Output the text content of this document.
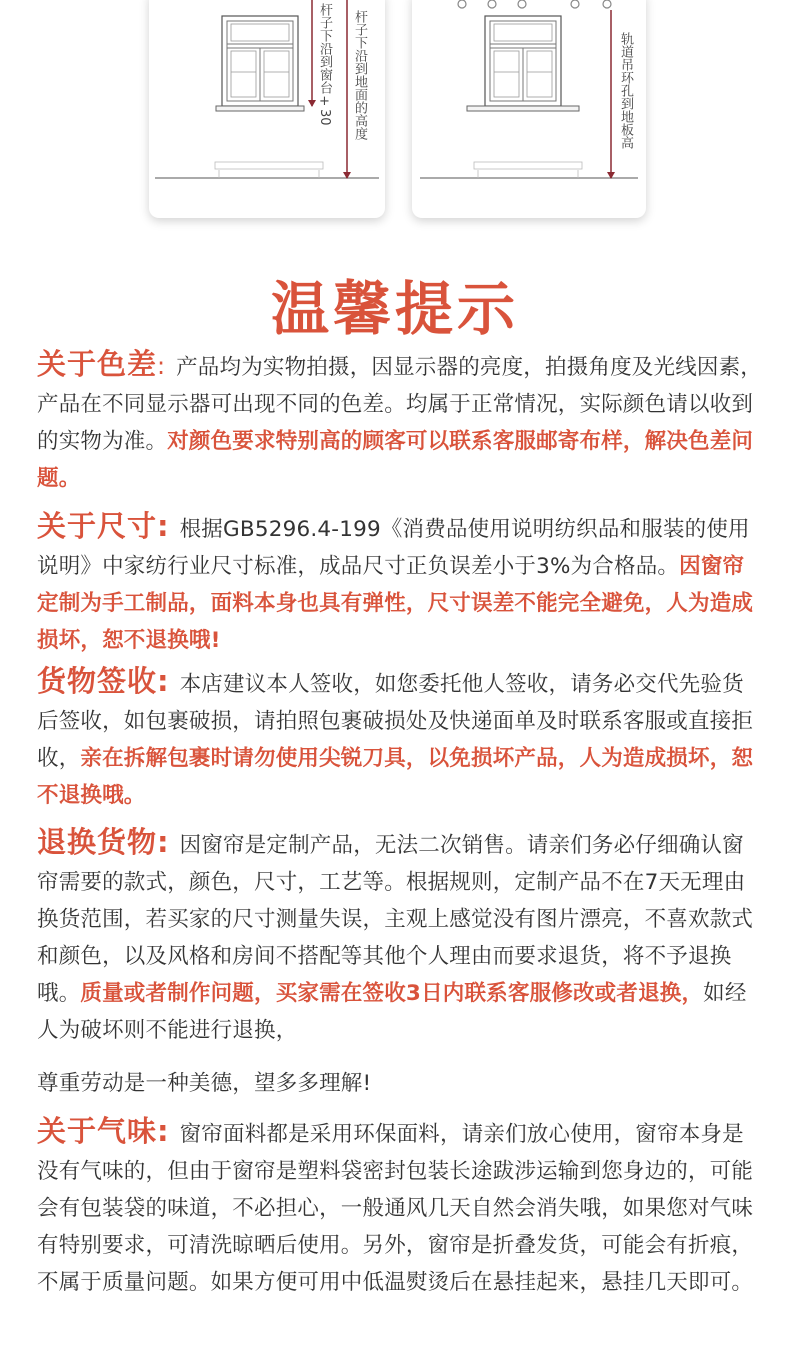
杆子下沿到窗台+30 杆子下沿到地面的高度	轨道吊环孔到地板高
温馨提示
关于色差: 产品均为实物拍摄，因显示器的亮度，拍摄角度及光线因素，产品在不同显示器可出现不同的色差。均属于正常情况，实际颜色请以收到的实物为准。对颜色要求特别高的顾客可以联系客服邮寄布样，解决色差问题。
关于尺寸: 根据GB5296.4-199《消费品使用说明纺织品和服装的使用说明》中家纺行业尺寸标准，成品尺寸正负误差小于3%为合格品。因窗帘定制为手工制品，面料本身也具有弹性，尺寸误差不能完全避免，人为造成损坏，恕不退换哦!
货物签收: 本店建议本人签收，如您委托他人签收，请务必交代先验货后签收，如包裹破损，请拍照包裹破损处及快递面单及时联系客服或直接拒收，亲在拆解包裹时请勿使用尖锐刀具，以免损坏产品，人为造成损坏，恕不退换哦。
退换货物: 因窗帘是定制产品，无法二次销售。请亲们务必仔细确认窗帘需要的款式，颜色，尺寸，工艺等。根据规则，定制产品不在7天无理由换货范围，若买家的尺寸测量失误，主观上感觉没有图片漂亮，不喜欢款式和颜色，以及风格和房间不搭配等其他个人理由而要求退货，将不予退换哦。质量或者制作问题，买家需在签收3日内联系客服修改或者退换，如经人为破坏则不能进行退换，
尊重劳动是一种美德，望多多理解!
关于气味: 窗帘面料都是采用环保面料，请亲们放心使用，窗帘本身是没有气味的，但由于窗帘是塑料袋密封包装长途跋涉运输到您身边的，可能会有包装袋的味道，不必担心，一般通风几天自然会消失哦，如果您对气味有特别要求，可清洗晾晒后使用。另外，窗帘是折叠发货，可能会有折痕，不属于质量问题。如果方便可用中低温熨烫后在悬挂起来，悬挂几天即可。
